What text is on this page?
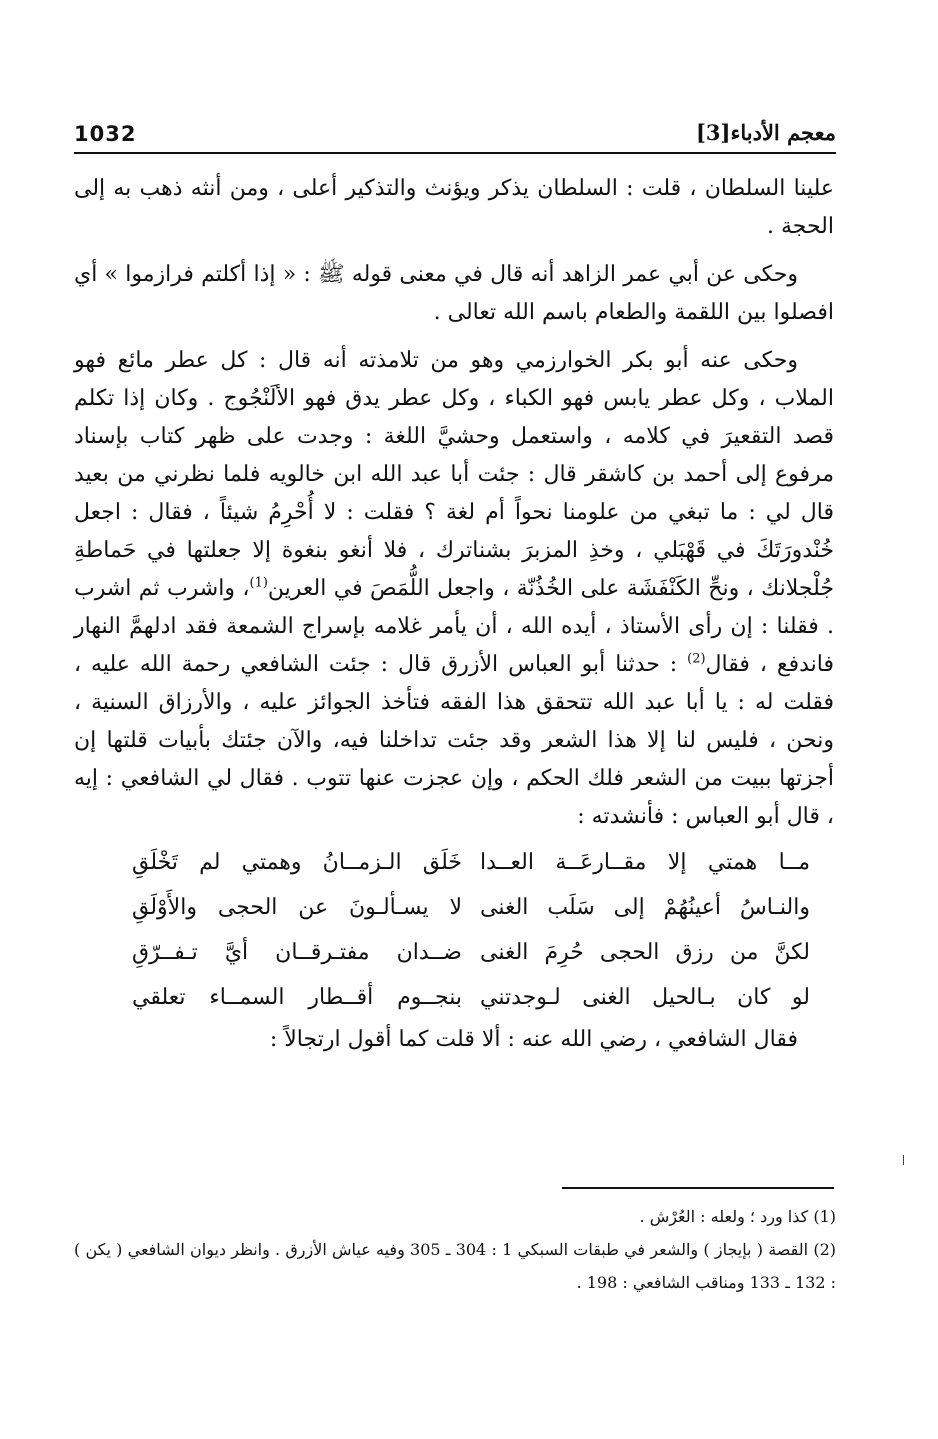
1032	معجم الأدباء[3]

علينا السلطان ، قلت : السلطان يذكر ويؤنث والتذكير أعلى ، ومن أنثه ذهب به إلى الحجة .

وحكى عن أبي عمر الزاهد أنه قال في معنى قوله ﷺ : « إذا أكلتم فرازموا » أي افصلوا بين اللقمة والطعام باسم الله تعالى .

وحكى عنه أبو بكر الخوارزمي وهو من تلامذته أنه قال : كل عطر مائع فهو الملاب ، وكل عطر يابس فهو الكباء ، وكل عطر يدق فهو الألَنْجُوج . وكان إذا تكلم قصد التقعيرَ في كلامه ، واستعمل وحشيَّ اللغة : وجدت على ظهر كتاب بإسناد مرفوع إلى أحمد بن كاشقر قال : جئت أبا عبد الله ابن خالويه فلما نظرني من بعيد قال لي : ما تبغي من علومنا نحواً أم لغة ؟ فقلت : لا أُحْرِمُ شيئاً ، فقال : اجعل خُنْدورَتَكَ في قَهْبَلي ، وخذِ المزبرَ بشناترك ، فلا أنغو بنغوة إلا جعلتها في حَماطةِ جُلْجلانك ، ونحِّ الكَنْفَشَة على الخُذُنّة ، واجعل اللُّمَصَ في العرين$^{(1)}$، واشرب ثم اشرب . فقلنا : إن رأى الأستاذ ، أيده الله ، أن يأمر غلامه بإسراج الشمعة فقد ادلهمَّ النهار فاندفع ، فقال$^{(2)}$ : حدثنا أبو العباس الأزرق قال : جئت الشافعي رحمة الله عليه ، فقلت له : يا أبا عبد الله تتحقق هذا الفقه فتأخذ الجوائز عليه ، والأرزاق السنية ، ونحن ، فليس لنا إلا هذا الشعر وقد جئت تداخلنا فيه، والآن جئتك بأبيات قلتها إن أجزتها ببيت من الشعر فلك الحكم ، وإن عجزت عنها تتوب . فقال لي الشافعي : إيه ، قال أبو العباس : فأنشدته :

مــا همتي إلا مقــارعَــة العــدا
خَلَق الـزمــانُ وهمتي لم تَخْلَقِ
والنـاسُ أعينُهُمْ إلى سَلَب الغنى
لا يسـألـونَ عن الحجى والأَوْلَقِ
لكنَّ من رزق الحجى حُرِمَ الغنى
ضــدان مفتـرقــان أيَّ تـفــرّقِ
لو كان بـالحيل الغنى لـوجدتني
بنجــوم أقــطار السمــاء تعلقي

فقال الشافعي ، رضي الله عنه : ألا قلت كما أقول ارتجالاً :

(1) كذا ورد ؛ ولعله : العُرْش .

(2) القصة ( بإيجاز ) والشعر في طبقات السبكي 1 : 304 ـ 305 وفيه عياش الأزرق . وانظر ديوان الشافعي ( يكن ) : 132 ـ 133 ومناقب الشافعي : 198 .
